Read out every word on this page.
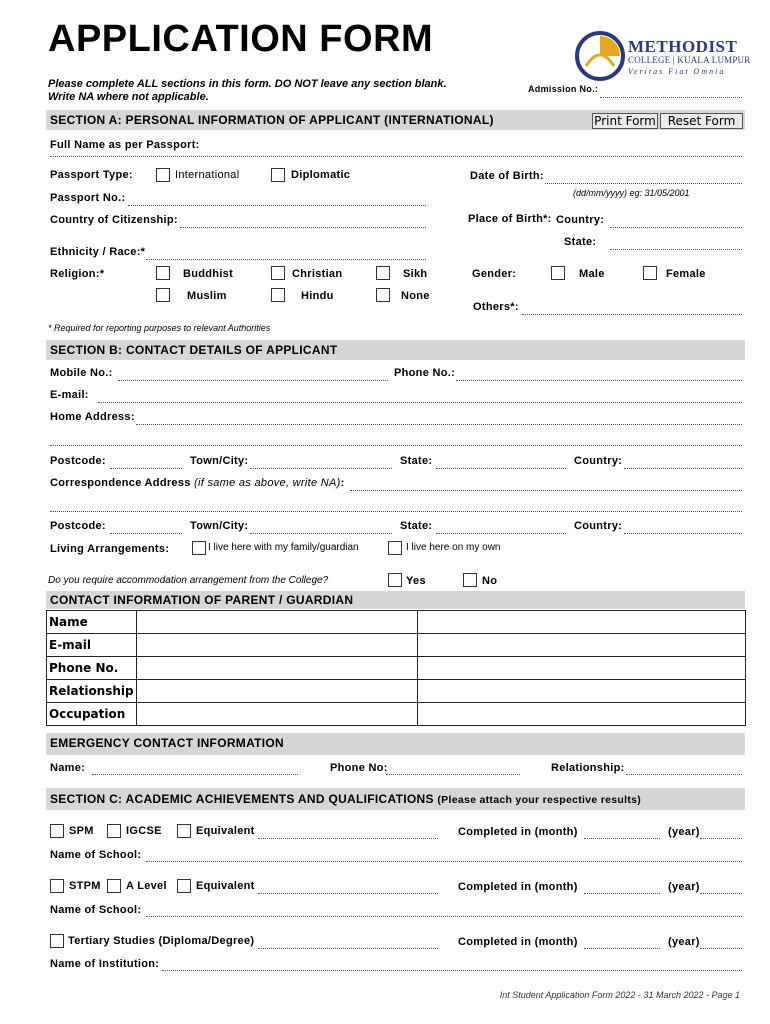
APPLICATION FORM
Please complete ALL sections in this form. DO NOT leave any section blank.
Write NA where not applicable.
METHODIST
COLLEGE | KUALA LUMPUR
Veritas Fiat Omnia
Admission No.:
SECTION A: PERSONAL INFORMATION OF APPLICANT (INTERNATIONAL)	Print Form Reset Form
Full Name as per Passport:
Passport Type:	International	Diplomatic	Date of Birth:
(dd/mm/yyyy) eg: 31/05/2001
Passport No.:
Country of Citizenship:	Place of Birth*: Country:
State:
Ethnicity / Race:*
Religion:*	Buddhist	Christian	Sikh
Muslim	Hindu	None
Gender:	Male	Female
Others*:
* Required for reporting purposes to relevant Authorities
SECTION B: CONTACT DETAILS OF APPLICANT
Mobile No.:	Phone No.:
E-mail:
Home Address:
Postcode:	Town/City:	State:	Country:
Correspondence Address (if same as above, write NA):
Postcode:	Town/City:	State:	Country:
Living Arrangements:	I live here with my family/guardian	I live here on my own
Do you require accommodation arrangement from the College?	Yes	No
CONTACT INFORMATION OF PARENT / GUARDIAN
Name		
E-mail		
Phone No.		
Relationship		
Occupation		
EMERGENCY CONTACT INFORMATION
Name:	Phone No:	Relationship:
SECTION C: ACADEMIC ACHIEVEMENTS AND QUALIFICATIONS (Please attach your respective results)
SPM	IGCSE	Equivalent	Completed in (month)	(year)
Name of School:
STPM A Level	Equivalent	Completed in (month)	(year)
Name of School:
Tertiary Studies (Diploma/Degree)	Completed in (month)	(year)
Name of Institution:
Int Student Application Form 2022 - 31 March 2022 - Page 1
